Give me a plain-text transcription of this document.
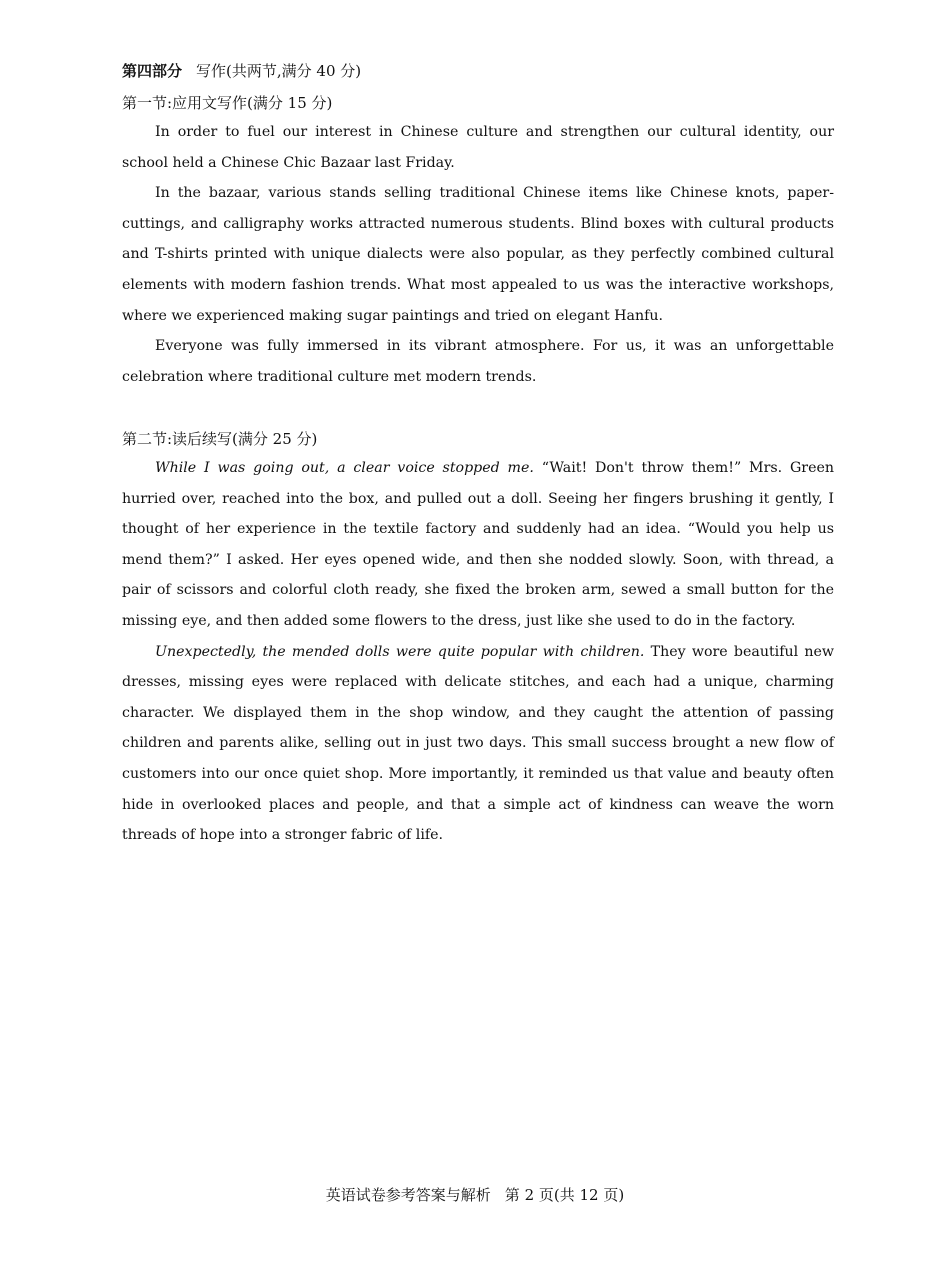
第四部分 写作(共两节,满分 40 分)
第一节:应用文写作(满分 15 分)

In order to fuel our interest in Chinese culture and strengthen our cultural identity, our school held a Chinese Chic Bazaar last Friday.

In the bazaar, various stands selling traditional Chinese items like Chinese knots, paper-cuttings, and calligraphy works attracted numerous students. Blind boxes with cultural products and T-shirts printed with unique dialects were also popular, as they perfectly combined cultural elements with modern fashion trends. What most appealed to us was the interactive workshops, where we experienced making sugar paintings and tried on elegant Hanfu.

Everyone was fully immersed in its vibrant atmosphere. For us, it was an unforgettable celebration where traditional culture met modern trends.

第二节:读后续写(满分 25 分)

While I was going out, a clear voice stopped me. “Wait! Don't throw them!” Mrs. Green hurried over, reached into the box, and pulled out a doll. Seeing her fingers brushing it gently, I thought of her experience in the textile factory and suddenly had an idea. “Would you help us mend them?” I asked. Her eyes opened wide, and then she nodded slowly. Soon, with thread, a pair of scissors and colorful cloth ready, she fixed the broken arm, sewed a small button for the missing eye, and then added some flowers to the dress, just like she used to do in the factory.

Unexpectedly, the mended dolls were quite popular with children. They wore beautiful new dresses, missing eyes were replaced with delicate stitches, and each had a unique, charming character. We displayed them in the shop window, and they caught the attention of passing children and parents alike, selling out in just two days. This small success brought a new flow of customers into our once quiet shop. More importantly, it reminded us that value and beauty often hide in overlooked places and people, and that a simple act of kindness can weave the worn threads of hope into a stronger fabric of life.

英语试卷参考答案与解析 第 2 页(共 12 页)
